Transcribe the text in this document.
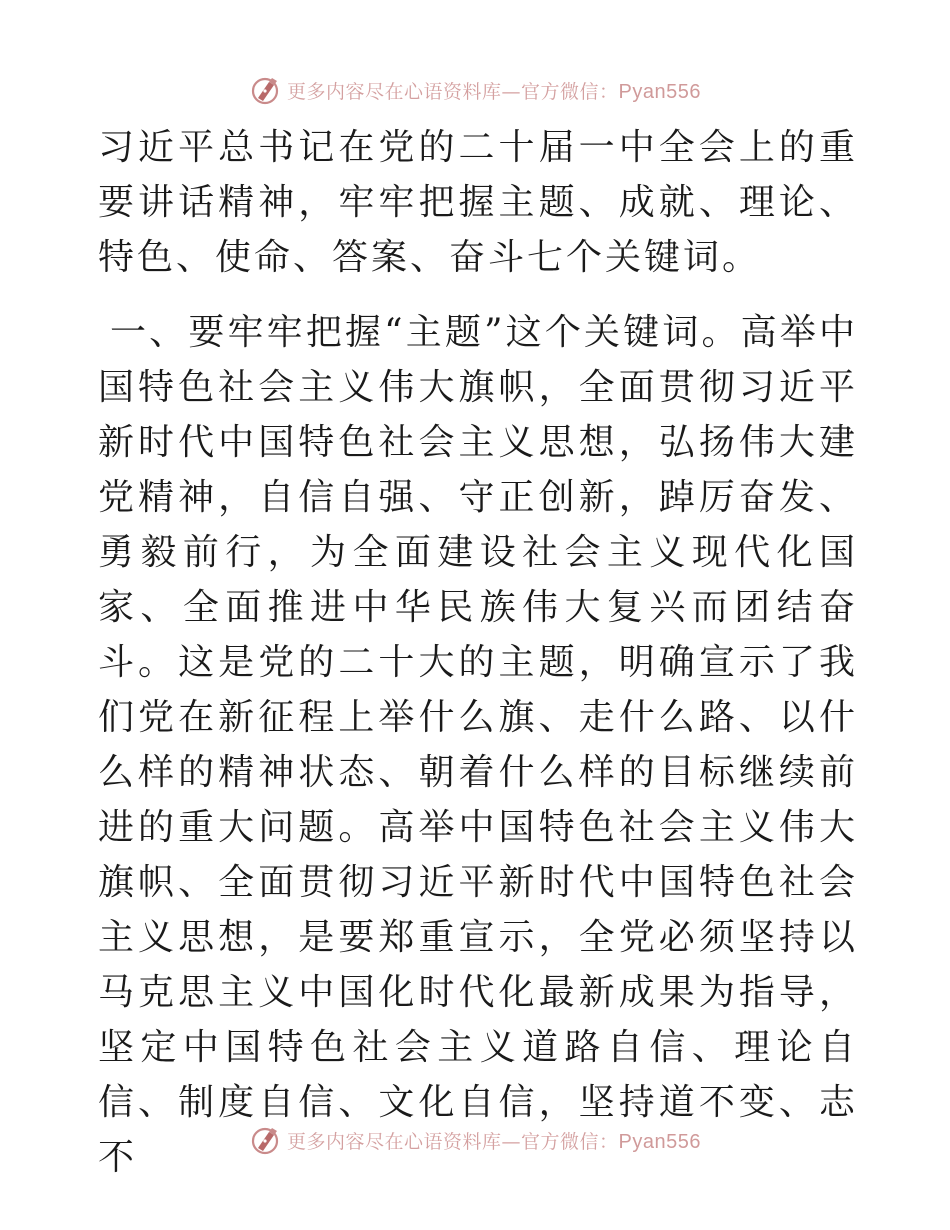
更多内容尽在心语资料库—官方微信：Pyan556

习近平总书记在党的二十届一中全会上的重要讲话精神，牢牢把握主题、成就、理论、特色、使命、答案、奋斗七个关键词。

一、要牢牢把握“主题”这个关键词。高举中国特色社会主义伟大旗帜，全面贯彻习近平新时代中国特色社会主义思想，弘扬伟大建党精神，自信自强、守正创新，踔厉奋发、勇毅前行，为全面建设社会主义现代化国家、全面推进中华民族伟大复兴而团结奋斗。这是党的二十大的主题，明确宣示了我们党在新征程上举什么旗、走什么路、以什么样的精神状态、朝着什么样的目标继续前进的重大问题。高举中国特色社会主义伟大旗帜、全面贯彻习近平新时代中国特色社会主义思想，是要郑重宣示，全党必须坚持以马克思主义中国化时代化最新成果为指导，坚定中国特色社会主义道路自信、理论自信、制度自信、文化自信，坚持道不变、志不	更多内容尽在心语资料库—官方微信：Pyan556
